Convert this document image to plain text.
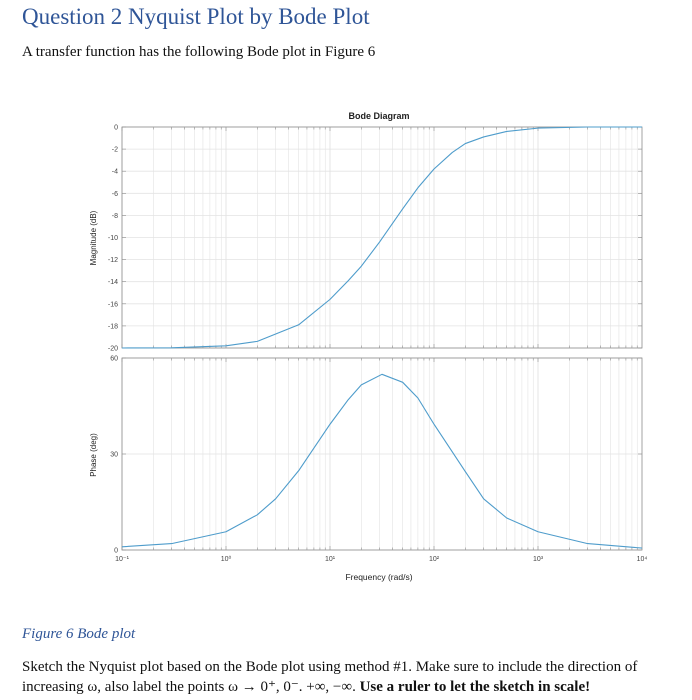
Question 2 Nyquist Plot by Bode Plot

A transfer function has the following Bode plot in Figure 6

Bode Diagram
0
-2
-4
-6
-8
-10
-12
-14
-16
-18
-20
0
30
60
10⁻¹	10⁰	10¹	10²	10³	10⁴
Magnitude (dB)
Phase (deg)
Frequency (rad/s)

Figure 6 Bode plot

Sketch the Nyquist plot based on the Bode plot using method #1. Make sure to include the direction of
increasing ω, also label the points ω → 0⁺, 0⁻. +∞, −∞. Use a ruler to let the sketch in scale!
